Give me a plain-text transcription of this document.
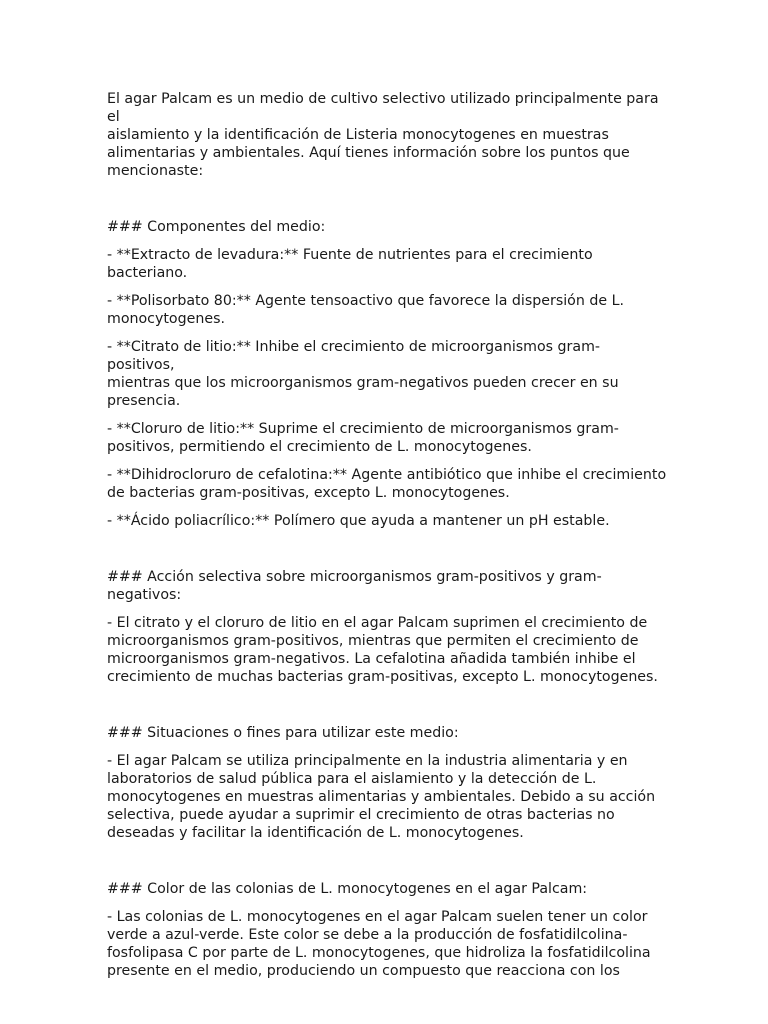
El agar Palcam es un medio de cultivo selectivo utilizado principalmente para el
aislamiento y la identificación de Listeria monocytogenes en muestras
alimentarias y ambientales. Aquí tienes información sobre los puntos que
mencionaste:

### Componentes del medio:

- **Extracto de levadura:** Fuente de nutrientes para el crecimiento
bacteriano.

- **Polisorbato 80:** Agente tensoactivo que favorece la dispersión de L.
monocytogenes.

- **Citrato de litio:** Inhibe el crecimiento de microorganismos gram-positivos,
mientras que los microorganismos gram-negativos pueden crecer en su
presencia.

- **Cloruro de litio:** Suprime el crecimiento de microorganismos gram-
positivos, permitiendo el crecimiento de L. monocytogenes.

- **Dihidrocloruro de cefalotina:** Agente antibiótico que inhibe el crecimiento
de bacterias gram-positivas, excepto L. monocytogenes.

- **Ácido poliacrílico:** Polímero que ayuda a mantener un pH estable.

### Acción selectiva sobre microorganismos gram-positivos y gram-negativos:

- El citrato y el cloruro de litio en el agar Palcam suprimen el crecimiento de
microorganismos gram-positivos, mientras que permiten el crecimiento de
microorganismos gram-negativos. La cefalotina añadida también inhibe el
crecimiento de muchas bacterias gram-positivas, excepto L. monocytogenes.

### Situaciones o fines para utilizar este medio:

- El agar Palcam se utiliza principalmente en la industria alimentaria y en
laboratorios de salud pública para el aislamiento y la detección de L.
monocytogenes en muestras alimentarias y ambientales. Debido a su acción
selectiva, puede ayudar a suprimir el crecimiento de otras bacterias no
deseadas y facilitar la identificación de L. monocytogenes.

### Color de las colonias de L. monocytogenes en el agar Palcam:

- Las colonias de L. monocytogenes en el agar Palcam suelen tener un color
verde a azul-verde. Este color se debe a la producción de fosfatidilcolina-
fosfolipasa C por parte de L. monocytogenes, que hidroliza la fosfatidilcolina
presente en el medio, produciendo un compuesto que reacciona con los
